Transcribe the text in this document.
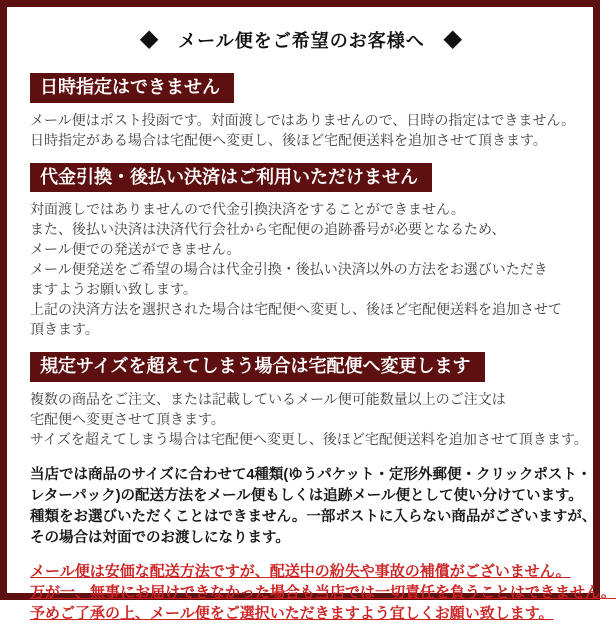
◆　メール便をご希望のお客様へ　◆
日時指定はできません
メール便はポスト投函です。対面渡しではありませんので、日時の指定はできません。
日時指定がある場合は宅配便へ変更し、後ほど宅配便送料を追加させて頂きます。
代金引換・後払い決済はご利用いただけません
対面渡しではありませんので代金引換決済をすることができません。
また、後払い決済は決済代行会社から宅配便の追跡番号が必要となるため、
メール便での発送ができません。
メール便発送をご希望の場合は代金引換・後払い決済以外の方法をお選びいただき
ますようお願い致します。
上記の決済方法を選択された場合は宅配便へ変更し、後ほど宅配便送料を追加させて
頂きます。
規定サイズを超えてしまう場合は宅配便へ変更します
複数の商品をご注文、または記載しているメール便可能数量以上のご注文は
宅配便へ変更させて頂きます。
サイズを超えてしまう場合は宅配便へ変更し、後ほど宅配便送料を追加させて頂きます。
当店では商品のサイズに合わせて4種類(ゆうパケット・定形外郵便・クリックポスト・
レターパック)の配送方法をメール便もしくは追跡メール便として使い分けています。
種類をお選びいただくことはできません。一部ポストに入らない商品がございますが、
その場合は対面でのお渡しになります。
メール便は安価な配送方法ですが、配送中の紛失や事故の補償がございません。
万が一、無事にお届けできなかった場合も当店では一切責任を負うことはできません。
予めご了承の上、メール便をご選択いただきますよう宜しくお願い致します。
